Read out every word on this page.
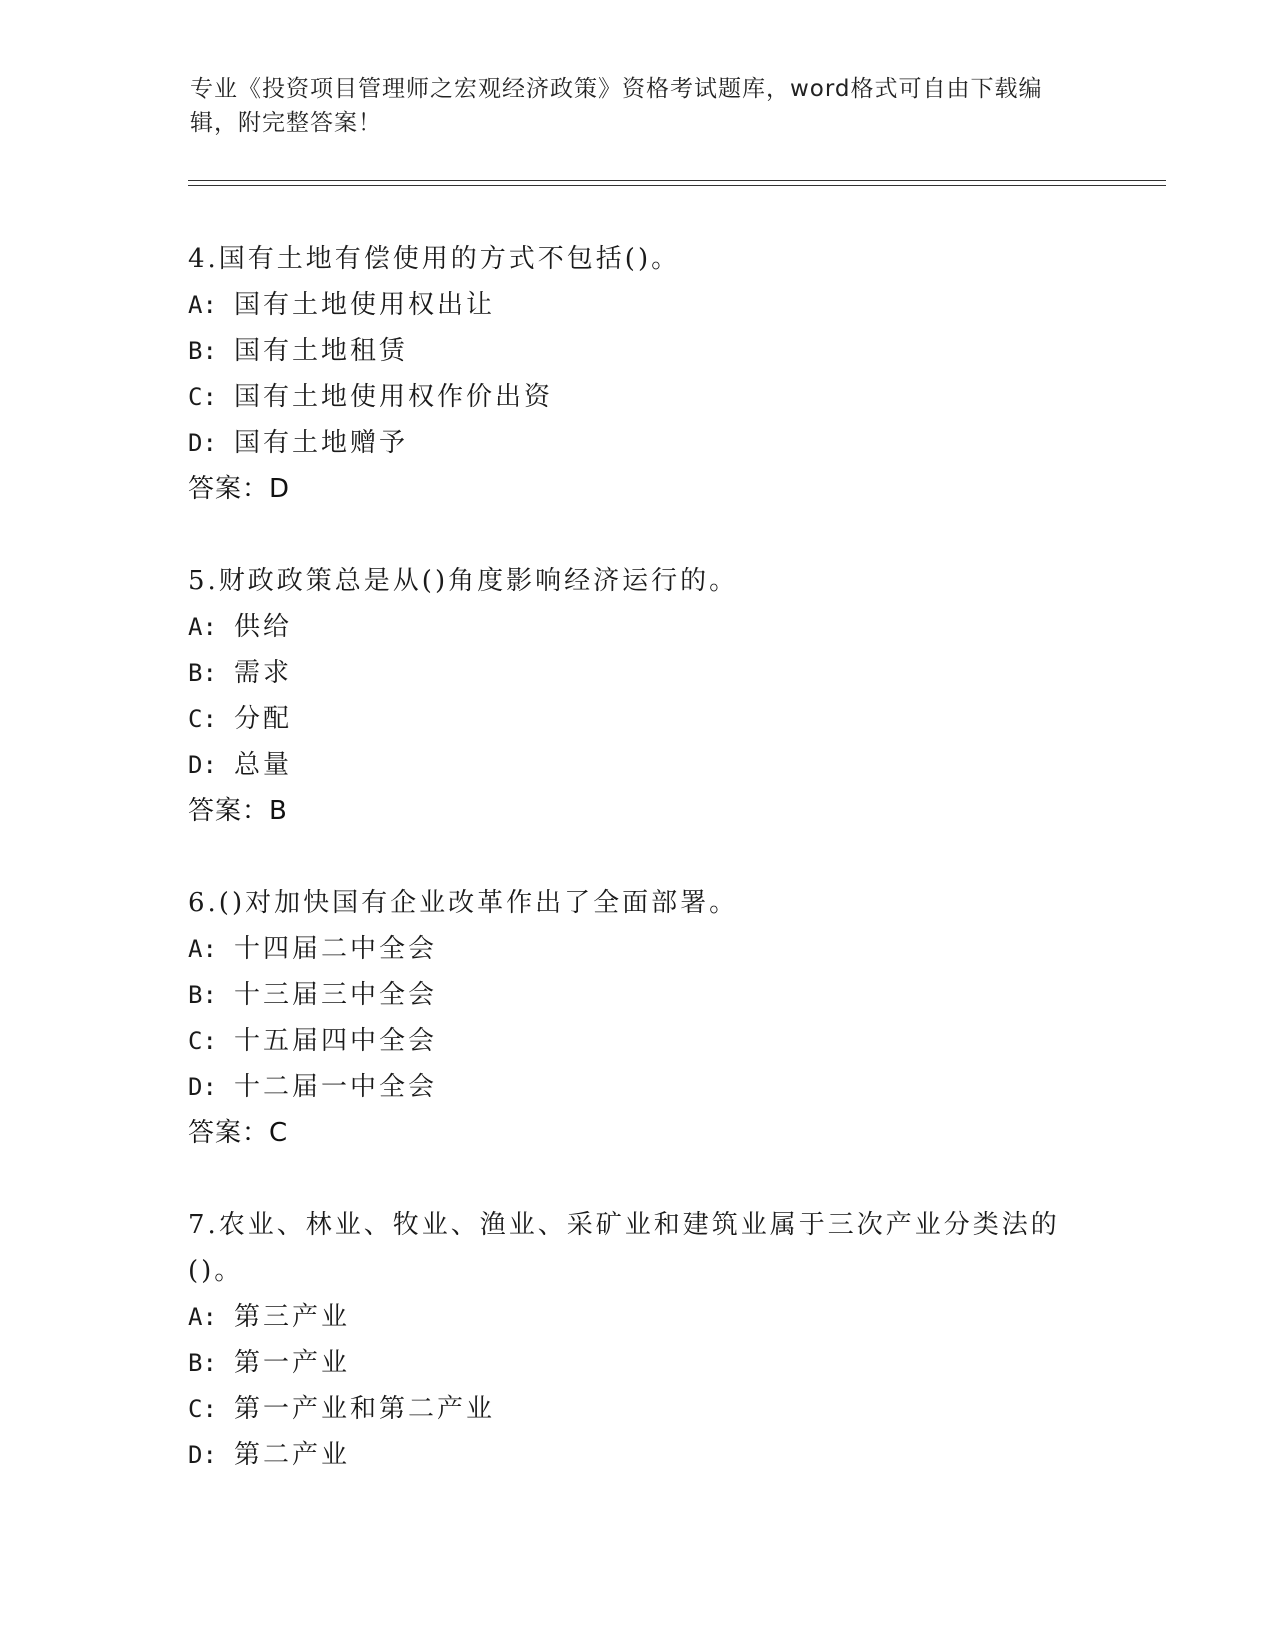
专业《投资项目管理师之宏观经济政策》资格考试题库，word格式可自由下载编
辑，附完整答案！
4.国有土地有偿使用的方式不包括()。
A: 国有土地使用权出让
B: 国有土地租赁
C: 国有土地使用权作价出资
D: 国有土地赠予
答案：D
5.财政政策总是从()角度影响经济运行的。
A: 供给
B: 需求
C: 分配
D: 总量
答案：B
6.()对加快国有企业改革作出了全面部署。
A: 十四届二中全会
B: 十三届三中全会
C: 十五届四中全会
D: 十二届一中全会
答案：C
7.农业、林业、牧业、渔业、采矿业和建筑业属于三次产业分类法的
()。
A: 第三产业
B: 第一产业
C: 第一产业和第二产业
D: 第二产业
